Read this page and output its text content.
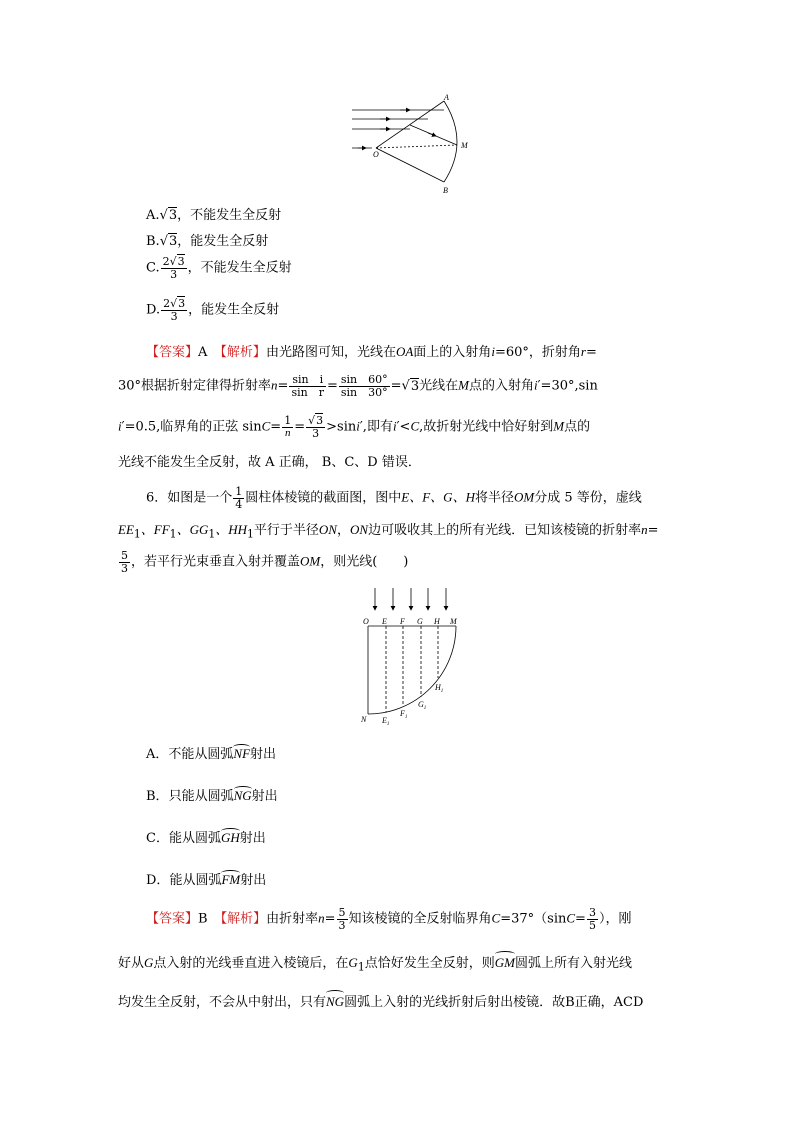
A
O
M
B
A.√3，不能发生全反射
B.√3，能发生全反射
C. $\frac{2√3}{3}$ ，不能发生全反射
D. $\frac{2√3}{3}$ ，能发生全反射
【答案】A　 【解析】由光路图可知，光线在OA面上的入射角i=60°，折射角r=
30°根据折射定律得折射率$n= \frac{\text{sin　i}}{\text{sin　r}} = \frac{\sin 60^\circ}{\sin 30^\circ} =√3$光线在M点的入射角i′=30°,sin
i′=0.5,临界角的正弦 $\sin C= \frac{1}{n} = \frac{√3}{3} >\sin i'$,即有i′<C,故折射光线中恰好射到M点的
光线不能发生全反射，故 A 正确， B、C、D 错误．
6．如图是一个 $\frac{1}{4}$ 圆柱体棱镜的截面图，图中E、F、G、H将半径OM分成 5 等份，虚线
$EE_1$、$FF_1$、$GG_1$、$HH_1$平行于半径ON，ON边可吸收其上的所有光线．已知该棱镜的折射率n=
$\frac{5}{3}$ ，若平行光束垂直入射并覆盖OM，则光线(　　)
O E F G H M
N $E_1$
$F_1$
$G_1$
$H_1$
A．不能从圆弧NF射出
B．只能从圆弧NG射出
C．能从圆弧GH射出
D．能从圆弧FM射出
【答案】B　 【解析】由折射率$n= \frac{5}{3}$ 知该棱镜的全反射临界角$C=37^\circ(\sin C= \frac{3}{5}$ ），刚
好从G点入射的光线垂直进入棱镜后，在$G_1$点恰好发生全反射，则GM圆弧上所有入射光线
均发生全反射，不会从中射出，只有NG圆弧上入射的光线折射后射出棱镜．故B正确，ACD
